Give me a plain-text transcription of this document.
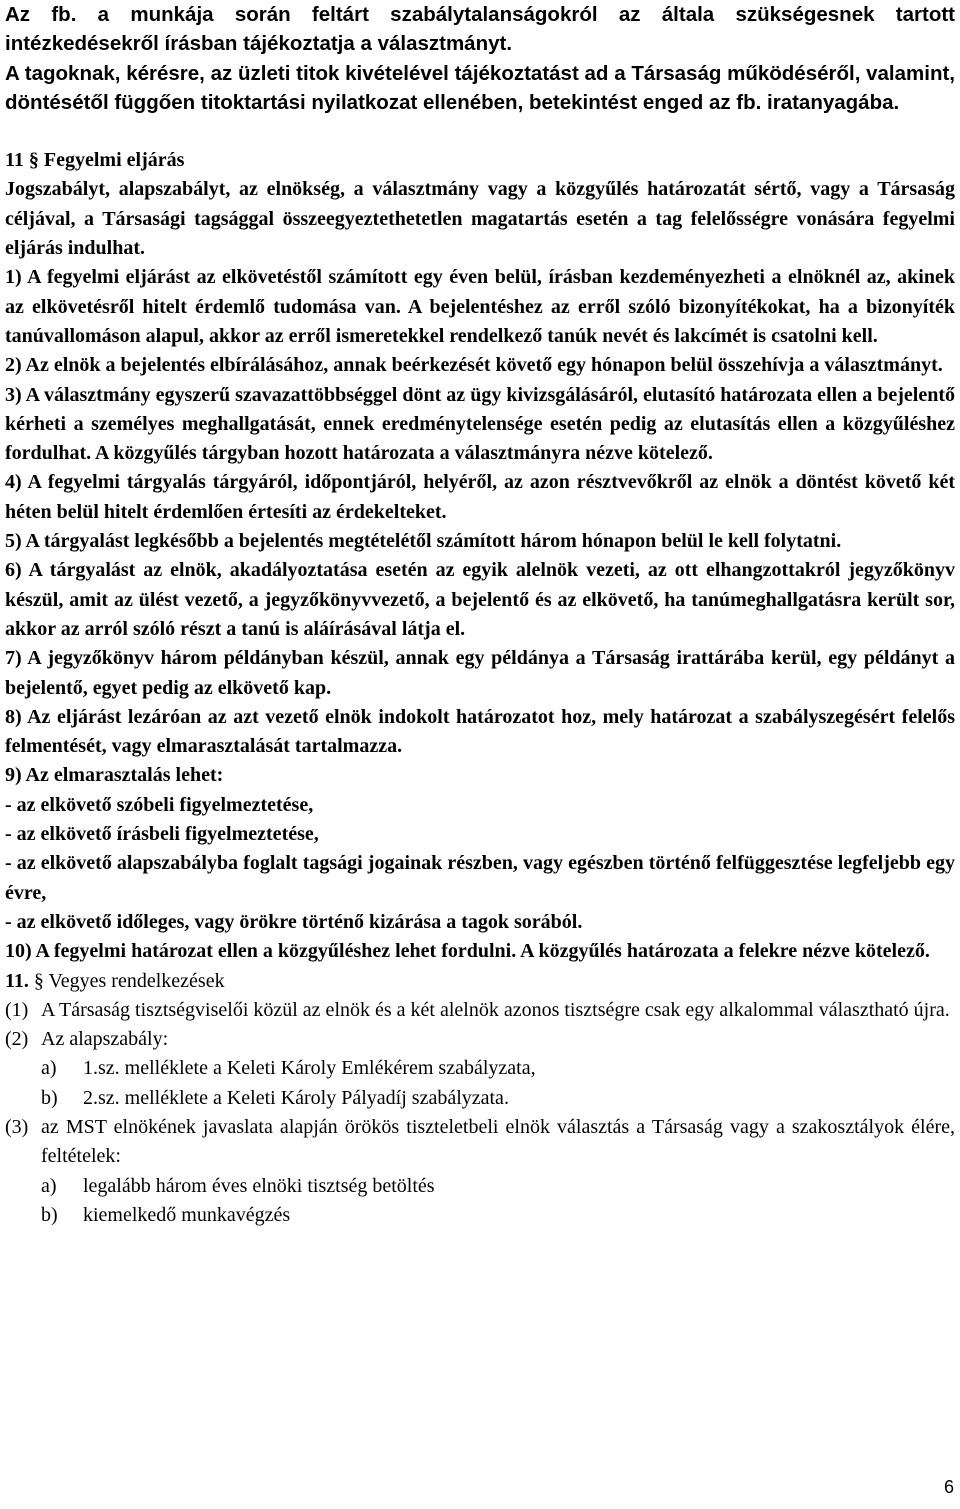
Az fb. a munkája során feltárt szabálytalanságokról az általa szükségesnek tartott intézkedésekről írásban tájékoztatja a választmányt.

A tagoknak, kérésre, az üzleti titok kivételével tájékoztatást ad a Társaság működéséről, valamint, döntésétől függően titoktartási nyilatkozat ellenében, betekintést enged az fb. iratanyagába.

11 § Fegyelmi eljárás

Jogszabályt, alapszabályt, az elnökség, a választmány vagy a közgyűlés határozatát sértő, vagy a Társaság céljával, a Társasági tagsággal összeegyeztethetetlen magatartás esetén a tag felelősségre vonására fegyelmi eljárás indulhat.

1) A fegyelmi eljárást az elkövetéstől számított egy éven belül, írásban kezdeményezheti a elnöknél az, akinek az elkövetésről hitelt érdemlő tudomása van. A bejelentéshez az erről szóló bizonyítékokat, ha a bizonyíték tanúvallomáson alapul, akkor az erről ismeretekkel rendelkező tanúk nevét és lakcímét is csatolni kell.

2) Az elnök a bejelentés elbírálásához, annak beérkezését követő egy hónapon belül összehívja a választmányt.

3) A választmány egyszerű szavazattöbbséggel dönt az ügy kivizsgálásáról, elutasító határozata ellen a bejelentő kérheti a személyes meghallgatását, ennek eredménytelensége esetén pedig az elutasítás ellen a közgyűléshez fordulhat. A közgyűlés tárgyban hozott határozata a választmányra nézve kötelező.

4) A fegyelmi tárgyalás tárgyáról, időpontjáról, helyéről, az azon résztvevőkről az elnök a döntést követő két héten belül hitelt érdemlően értesíti az érdekelteket.

5) A tárgyalást legkésőbb a bejelentés megtételétől számított három hónapon belül le kell folytatni.

6) A tárgyalást az elnök, akadályoztatása esetén az egyik alelnök vezeti, az ott elhangzottakról jegyzőkönyv készül, amit az ülést vezető, a jegyzőkönyvvezető, a bejelentő és az elkövető, ha tanúmeghallgatásra került sor, akkor az arról szóló részt a tanú is aláírásával látja el.

7) A jegyzőkönyv három példányban készül, annak egy példánya a Társaság irattárába kerül, egy példányt a bejelentő, egyet pedig az elkövető kap.

8) Az eljárást lezáróan az azt vezető elnök indokolt határozatot hoz, mely határozat a szabályszegésért felelős felmentését, vagy elmarasztalását tartalmazza.

9) Az elmarasztalás lehet:

- az elkövető szóbeli figyelmeztetése,

- az elkövető írásbeli figyelmeztetése,

- az elkövető alapszabályba foglalt tagsági jogainak részben, vagy egészben történő felfüggesztése legfeljebb egy évre,

- az elkövető időleges, vagy örökre történő kizárása a tagok sorából.

10) A fegyelmi határozat ellen a közgyűléshez lehet fordulni. A közgyűlés határozata a felekre nézve kötelező.

11. § Vegyes rendelkezések

(1) A Társaság tisztségviselői közül az elnök és a két alelnök azonos tisztségre csak egy alkalommal választható újra.
(2) Az alapszabály:
a)	1.sz. melléklete a Keleti Károly Emlékérem szabályzata,
b)	2.sz. melléklete a Keleti Károly Pályadíj szabályzata.
(3) az MST elnökének javaslata alapján örökös tiszteletbeli elnök választás a Társaság vagy a szakosztályok élére, feltételek:
a)	legalább három éves elnöki tisztség betöltés
b)	kiemelkedő munkavégzés
6
